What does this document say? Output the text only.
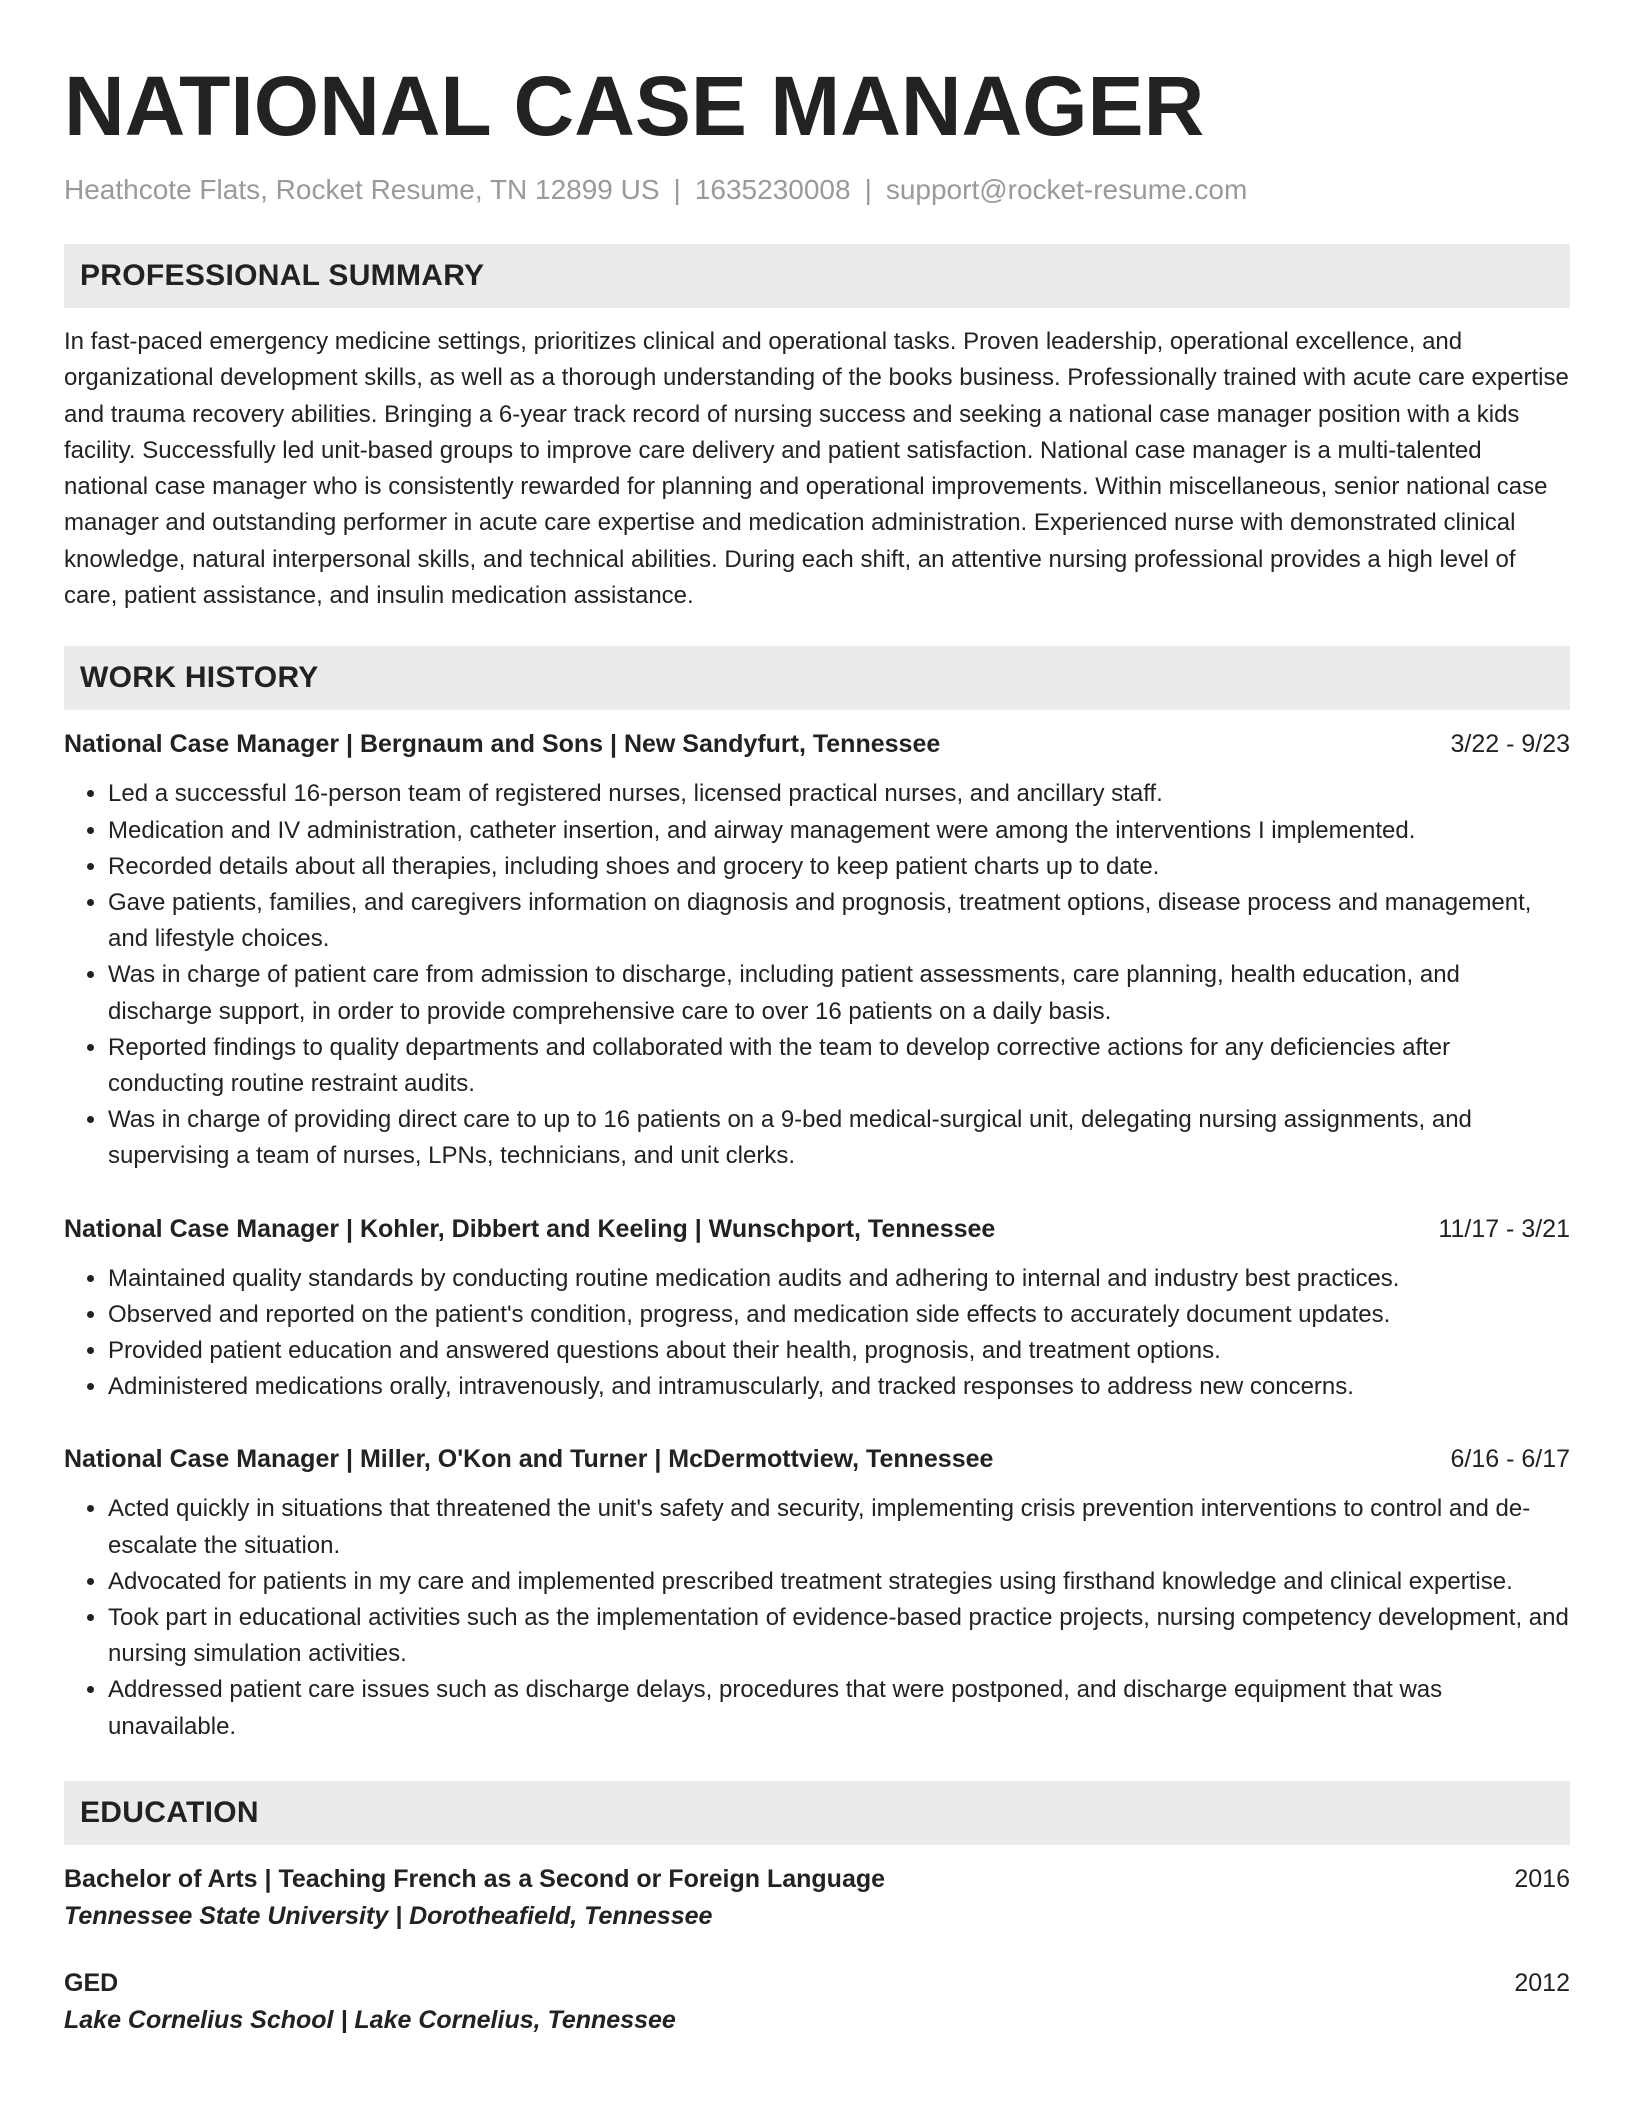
NATIONAL CASE MANAGER
Heathcote Flats, Rocket Resume, TN 12899 US | 1635230008 | support@rocket-resume.com
PROFESSIONAL SUMMARY

In fast-paced emergency medicine settings, prioritizes clinical and operational tasks. Proven leadership, operational excellence, and organizational development skills, as well as a thorough understanding of the books business. Professionally trained with acute care expertise and trauma recovery abilities. Bringing a 6-year track record of nursing success and seeking a national case manager position with a kids facility. Successfully led unit-based groups to improve care delivery and patient satisfaction. National case manager is a multi-talented national case manager who is consistently rewarded for planning and operational improvements. Within miscellaneous, senior national case manager and outstanding performer in acute care expertise and medication administration. Experienced nurse with demonstrated clinical knowledge, natural interpersonal skills, and technical abilities. During each shift, an attentive nursing professional provides a high level of care, patient assistance, and insulin medication assistance.

WORK HISTORY
National Case Manager | Bergnaum and Sons | New Sandyfurt, Tennessee	3/22 - 9/23
• Led a successful 16-person team of registered nurses, licensed practical nurses, and ancillary staff.
• Medication and IV administration, catheter insertion, and airway management were among the interventions I implemented.
• Recorded details about all therapies, including shoes and grocery to keep patient charts up to date.
• Gave patients, families, and caregivers information on diagnosis and prognosis, treatment options, disease process and management, and lifestyle choices.
• Was in charge of patient care from admission to discharge, including patient assessments, care planning, health education, and discharge support, in order to provide comprehensive care to over 16 patients on a daily basis.
• Reported findings to quality departments and collaborated with the team to develop corrective actions for any deficiencies after conducting routine restraint audits.
• Was in charge of providing direct care to up to 16 patients on a 9-bed medical-surgical unit, delegating nursing assignments, and supervising a team of nurses, LPNs, technicians, and unit clerks.
National Case Manager | Kohler, Dibbert and Keeling | Wunschport, Tennessee	11/17 - 3/21
• Maintained quality standards by conducting routine medication audits and adhering to internal and industry best practices.
• Observed and reported on the patient's condition, progress, and medication side effects to accurately document updates.
• Provided patient education and answered questions about their health, prognosis, and treatment options.
• Administered medications orally, intravenously, and intramuscularly, and tracked responses to address new concerns.
National Case Manager | Miller, O'Kon and Turner | McDermottview, Tennessee	6/16 - 6/17
• Acted quickly in situations that threatened the unit's safety and security, implementing crisis prevention interventions to control and de-escalate the situation.
• Advocated for patients in my care and implemented prescribed treatment strategies using firsthand knowledge and clinical expertise.
• Took part in educational activities such as the implementation of evidence-based practice projects, nursing competency development, and nursing simulation activities.
• Addressed patient care issues such as discharge delays, procedures that were postponed, and discharge equipment that was unavailable.
EDUCATION
Bachelor of Arts | Teaching French as a Second or Foreign Language	2016
Tennessee State University | Dorotheafield, Tennessee
GED	2012
Lake Cornelius School | Lake Cornelius, Tennessee
